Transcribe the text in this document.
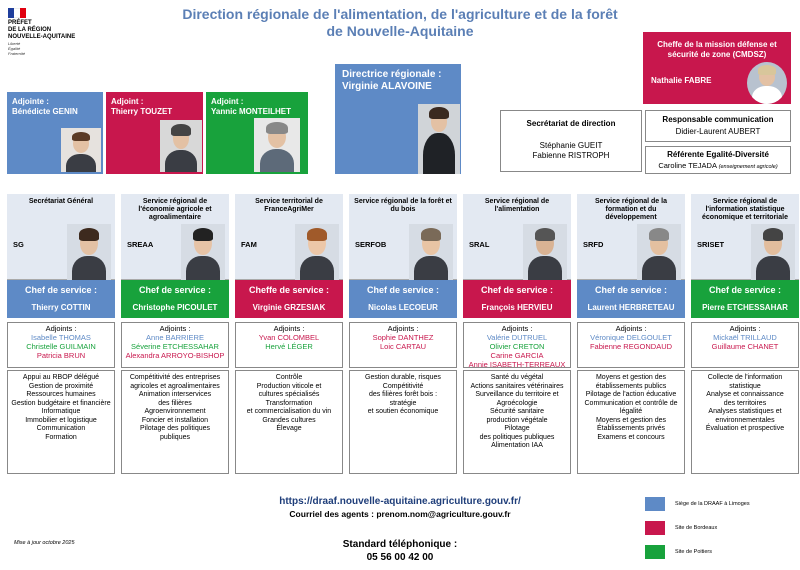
PRÉFET
DE LA RÉGION
NOUVELLE-AQUITAINE
Liberté
Égalité
Fraternité
Direction régionale de l'alimentation, de l'agriculture et de la forêt
de Nouvelle-Aquitaine
Cheffe de la mission défense et sécurité de zone (CMDSZ)
Nathalie FABRE
Directrice régionale :
Virginie ALAVOINE
Adjointe :
Bénédicte GENIN
Adjoint :
Thierry TOUZET
Adjoint :
Yannic MONTEILHET
Secrétariat de direction
Stéphanie GUEIT
Fabienne RISTROPH
Responsable communication
Didier-Laurent AUBERT
Référente Egalité-Diversité
Caroline TEJADA (enseignement agricole)
Secrétariat Général
SG
Chef de service :
Thierry COTTIN
Adjoints :
Isabelle THOMAS
Christelle GUILMAIN
Patricia BRUN
Appui au RBOP délégué
Gestion de proximité
Ressources humaines
Gestion budgétaire et financière
Informatique
Immobilier et logistique
Communication
Formation
Service régional de l'économie agricole et agroalimentaire
SREAA
Chef de service :
Christophe PICOULET
Adjoints :
Anne BARRIERE
Séverine ETCHESSAHAR
Alexandra ARROYO-BISHOP
Compétitivité des entreprises agricoles et agroalimentaires
Animation interservices
des filières
Agroenvironnement
Foncier et installation
Pilotage des politiques
publiques
Service territorial de FranceAgriMer
FAM
Cheffe de service :
Virginie GRZESIAK
Adjoints :
Yvan COLOMBEL
Hervé LÉGER
Contrôle
Production viticole et
cultures spécialisés
Transformation
et commercialisation du vin
Grandes cultures
Élevage
Service régional de la forêt et du bois
SERFOB
Chef de service :
Nicolas LECOEUR
Adjoints :
Sophie DANTHEZ
Loic CARTAU
Gestion durable, risques
Compétitivité
des filières forêt bois :
stratégie
et soutien économique
Service régional de l'alimentation
SRAL
Chef de service :
François HERVIEU
Adjoints :
Valérie DUTRUEL
Olivier CRETON
Carine GARCIA
Annie ISABETH-TERREAUX
Santé du végétal
Actions sanitaires vétérinaires
Surveillance du territoire et
Agroécologie
Sécurité sanitaire
production végétale
Pilotage
des politiques publiques
Alimentation IAA
Service régional de la formation et du développement
SRFD
Chef de service :
Laurent HERBRETEAU
Adjoints :
Véronique DELGOULET
Fabienne REGONDAUD
Moyens et gestion des
établissements publics
Pilotage de l'action éducative
Communication et contrôle de
légalité
Moyens et gestion des
Établissements privés
Examens et concours
Service régional de l'information statistique économique et territoriale
SRISET
Chef de service :
Pierre ETCHESSAHAR
Adjoints :
Mickaël TRILLAUD
Guillaume CHANET
Collecte de l'information
statistique
Analyse et connaissance
des territoires
Analyses statistiques et
environnementales
Évaluation et prospective
https://draaf.nouvelle-aquitaine.agriculture.gouv.fr/
Courriel des agents : prenom.nom@agriculture.gouv.fr
Mise à jour octobre 2025	Standard téléphonique :
05 56 00 42 00
Siège de la DRAAF à Limoges
Site de Bordeaux
Site de Poitiers
